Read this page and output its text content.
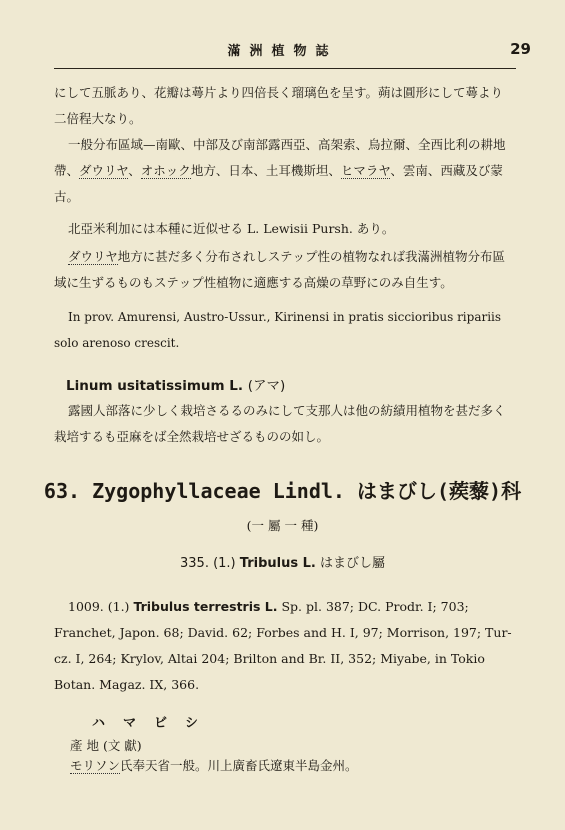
滿洲植物誌	29

にして五脈あり、花瓣は蕚片より四倍長く瑠璃色を呈す。蒴は圓形にして蕚より
二倍程大なり。

一般分布區域—南歐、中部及び南部露西亞、高架索、烏拉爾、全西比利の耕地
帶、ダウリヤ、オホック地方、日本、土耳機斯坦、ヒマラヤ、雲南、西藏及び蒙
古。

北亞米利加には本種に近似せる L. Lewisii Pursh. あり。

ダウリヤ地方に甚だ多く分布されしステップ性の植物なれば我滿洲植物分布區
域に生ずるものもステップ性植物に適應する高燥の草野にのみ自生す。

In prov. Amurensi, Austro-Ussur., Kirinensi in pratis siccioribus ripariis
solo arenoso crescit.

Linum usitatissimum L. (アマ)

露國人部落に少しく栽培さるるのみにして支那人は他の紡績用植物を甚だ多く
栽培するも亞麻をば全然栽培せざるものの如し。

63. Zygophyllaceae Lindl. はまびし(蒺藜)科
(一 屬 一 種)
335. (1.) Tribulus L. はまびし屬

1009. (1.) Tribulus terrestris L. Sp. pl. 387; DC. Prodr. I; 703;
Franchet, Japon. 68; David. 62; Forbes and H. I, 97; Morrison, 197; Tur-
cz. I, 264; Krylov, Altai 204; Brilton and Br. II, 352; Miyabe, in Tokio
Botan. Magaz. IX, 366.

ハマビシ
產 地 (文 獻)
モリソン氏奉天省一般。川上廣畜氏遼東半島金州。
